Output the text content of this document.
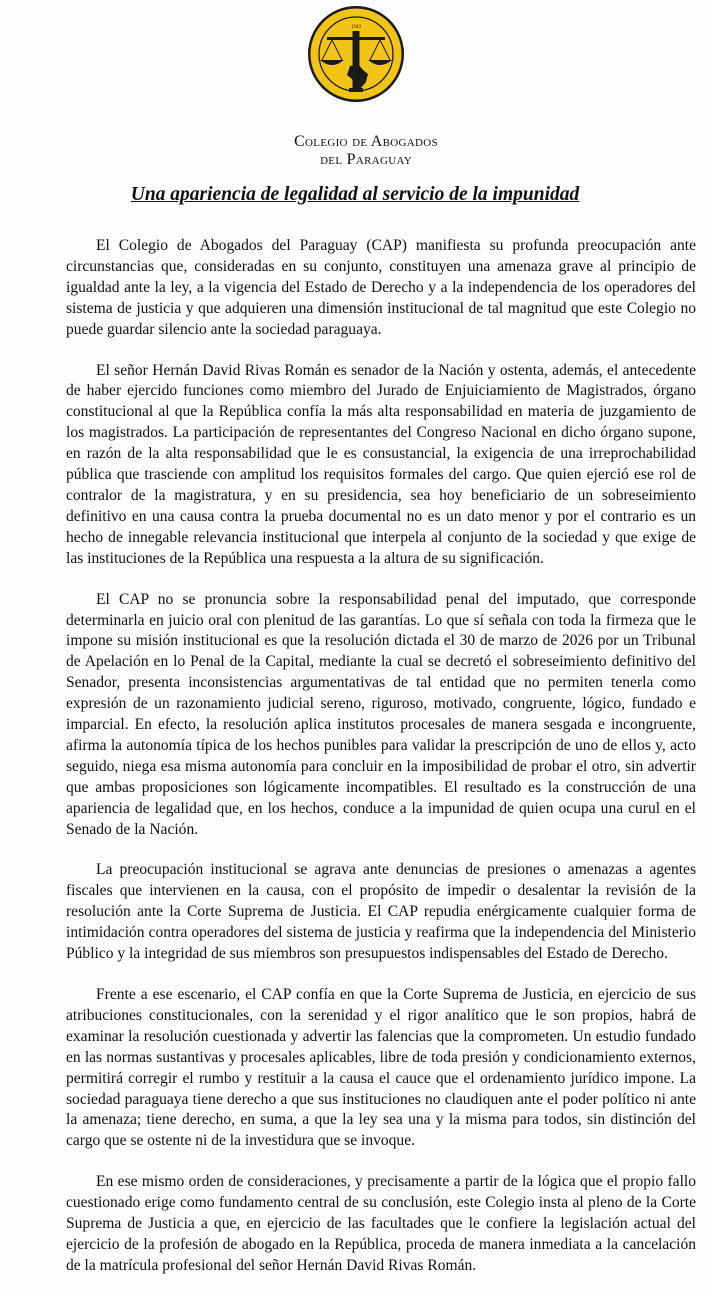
1943
Colegio de Abogados
del Paraguay
Una apariencia de legalidad al servicio de la impunidad

El Colegio de Abogados del Paraguay (CAP) manifiesta su profunda preocupación ante circunstancias que, consideradas en su conjunto, constituyen una amenaza grave al principio de igualdad ante la ley, a la vigencia del Estado de Derecho y a la independencia de los operadores del sistema de justicia y que adquieren una dimensión institucional de tal magnitud que este Colegio no puede guardar silencio ante la sociedad paraguaya.

El señor Hernán David Rivas Román es senador de la Nación y ostenta, además, el antecedente de haber ejercido funciones como miembro del Jurado de Enjuiciamiento de Magistrados, órgano constitucional al que la República confía la más alta responsabilidad en materia de juzgamiento de los magistrados. La participación de representantes del Congreso Nacional en dicho órgano supone, en razón de la alta responsabilidad que le es consustancial, la exigencia de una irreprochabilidad pública que trasciende con amplitud los requisitos formales del cargo. Que quien ejerció ese rol de contralor de la magistratura, y en su presidencia, sea hoy beneficiario de un sobreseimiento definitivo en una causa contra la prueba documental no es un dato menor y por el contrario es un hecho de innegable relevancia institucional que interpela al conjunto de la sociedad y que exige de las instituciones de la República una respuesta a la altura de su significación.

El CAP no se pronuncia sobre la responsabilidad penal del imputado, que corresponde determinarla en juicio oral con plenitud de las garantías. Lo que sí señala con toda la firmeza que le impone su misión institucional es que la resolución dictada el 30 de marzo de 2026 por un Tribunal de Apelación en lo Penal de la Capital, mediante la cual se decretó el sobreseimiento definitivo del Senador, presenta inconsistencias argumentativas de tal entidad que no permiten tenerla como expresión de un razonamiento judicial sereno, riguroso, motivado, congruente, lógico, fundado e imparcial. En efecto, la resolución aplica institutos procesales de manera sesgada e incongruente, afirma la autonomía típica de los hechos punibles para validar la prescripción de uno de ellos y, acto seguido, niega esa misma autonomía para concluir en la imposibilidad de probar el otro, sin advertir que ambas proposiciones son lógicamente incompatibles. El resultado es la construcción de una apariencia de legalidad que, en los hechos, conduce a la impunidad de quien ocupa una curul en el Senado de la Nación.

La preocupación institucional se agrava ante denuncias de presiones o amenazas a agentes fiscales que intervienen en la causa, con el propósito de impedir o desalentar la revisión de la resolución ante la Corte Suprema de Justicia. El CAP repudia enérgicamente cualquier forma de intimidación contra operadores del sistema de justicia y reafirma que la independencia del Ministerio Público y la integridad de sus miembros son presupuestos indispensables del Estado de Derecho.

Frente a ese escenario, el CAP confía en que la Corte Suprema de Justicia, en ejercicio de sus atribuciones constitucionales, con la serenidad y el rigor analítico que le son propios, habrá de examinar la resolución cuestionada y advertir las falencias que la comprometen. Un estudio fundado en las normas sustantivas y procesales aplicables, libre de toda presión y condicionamiento externos, permitirá corregir el rumbo y restituir a la causa el cauce que el ordenamiento jurídico impone. La sociedad paraguaya tiene derecho a que sus instituciones no claudiquen ante el poder político ni ante la amenaza; tiene derecho, en suma, a que la ley sea una y la misma para todos, sin distinción del cargo que se ostente ni de la investidura que se invoque.

En ese mismo orden de consideraciones, y precisamente a partir de la lógica que el propio fallo cuestionado erige como fundamento central de su conclusión, este Colegio insta al pleno de la Corte Suprema de Justicia a que, en ejercicio de las facultades que le confiere la legislación actual del ejercicio de la profesión de abogado en la República, proceda de manera inmediata a la cancelación de la matrícula profesional del señor Hernán David Rivas Román.
